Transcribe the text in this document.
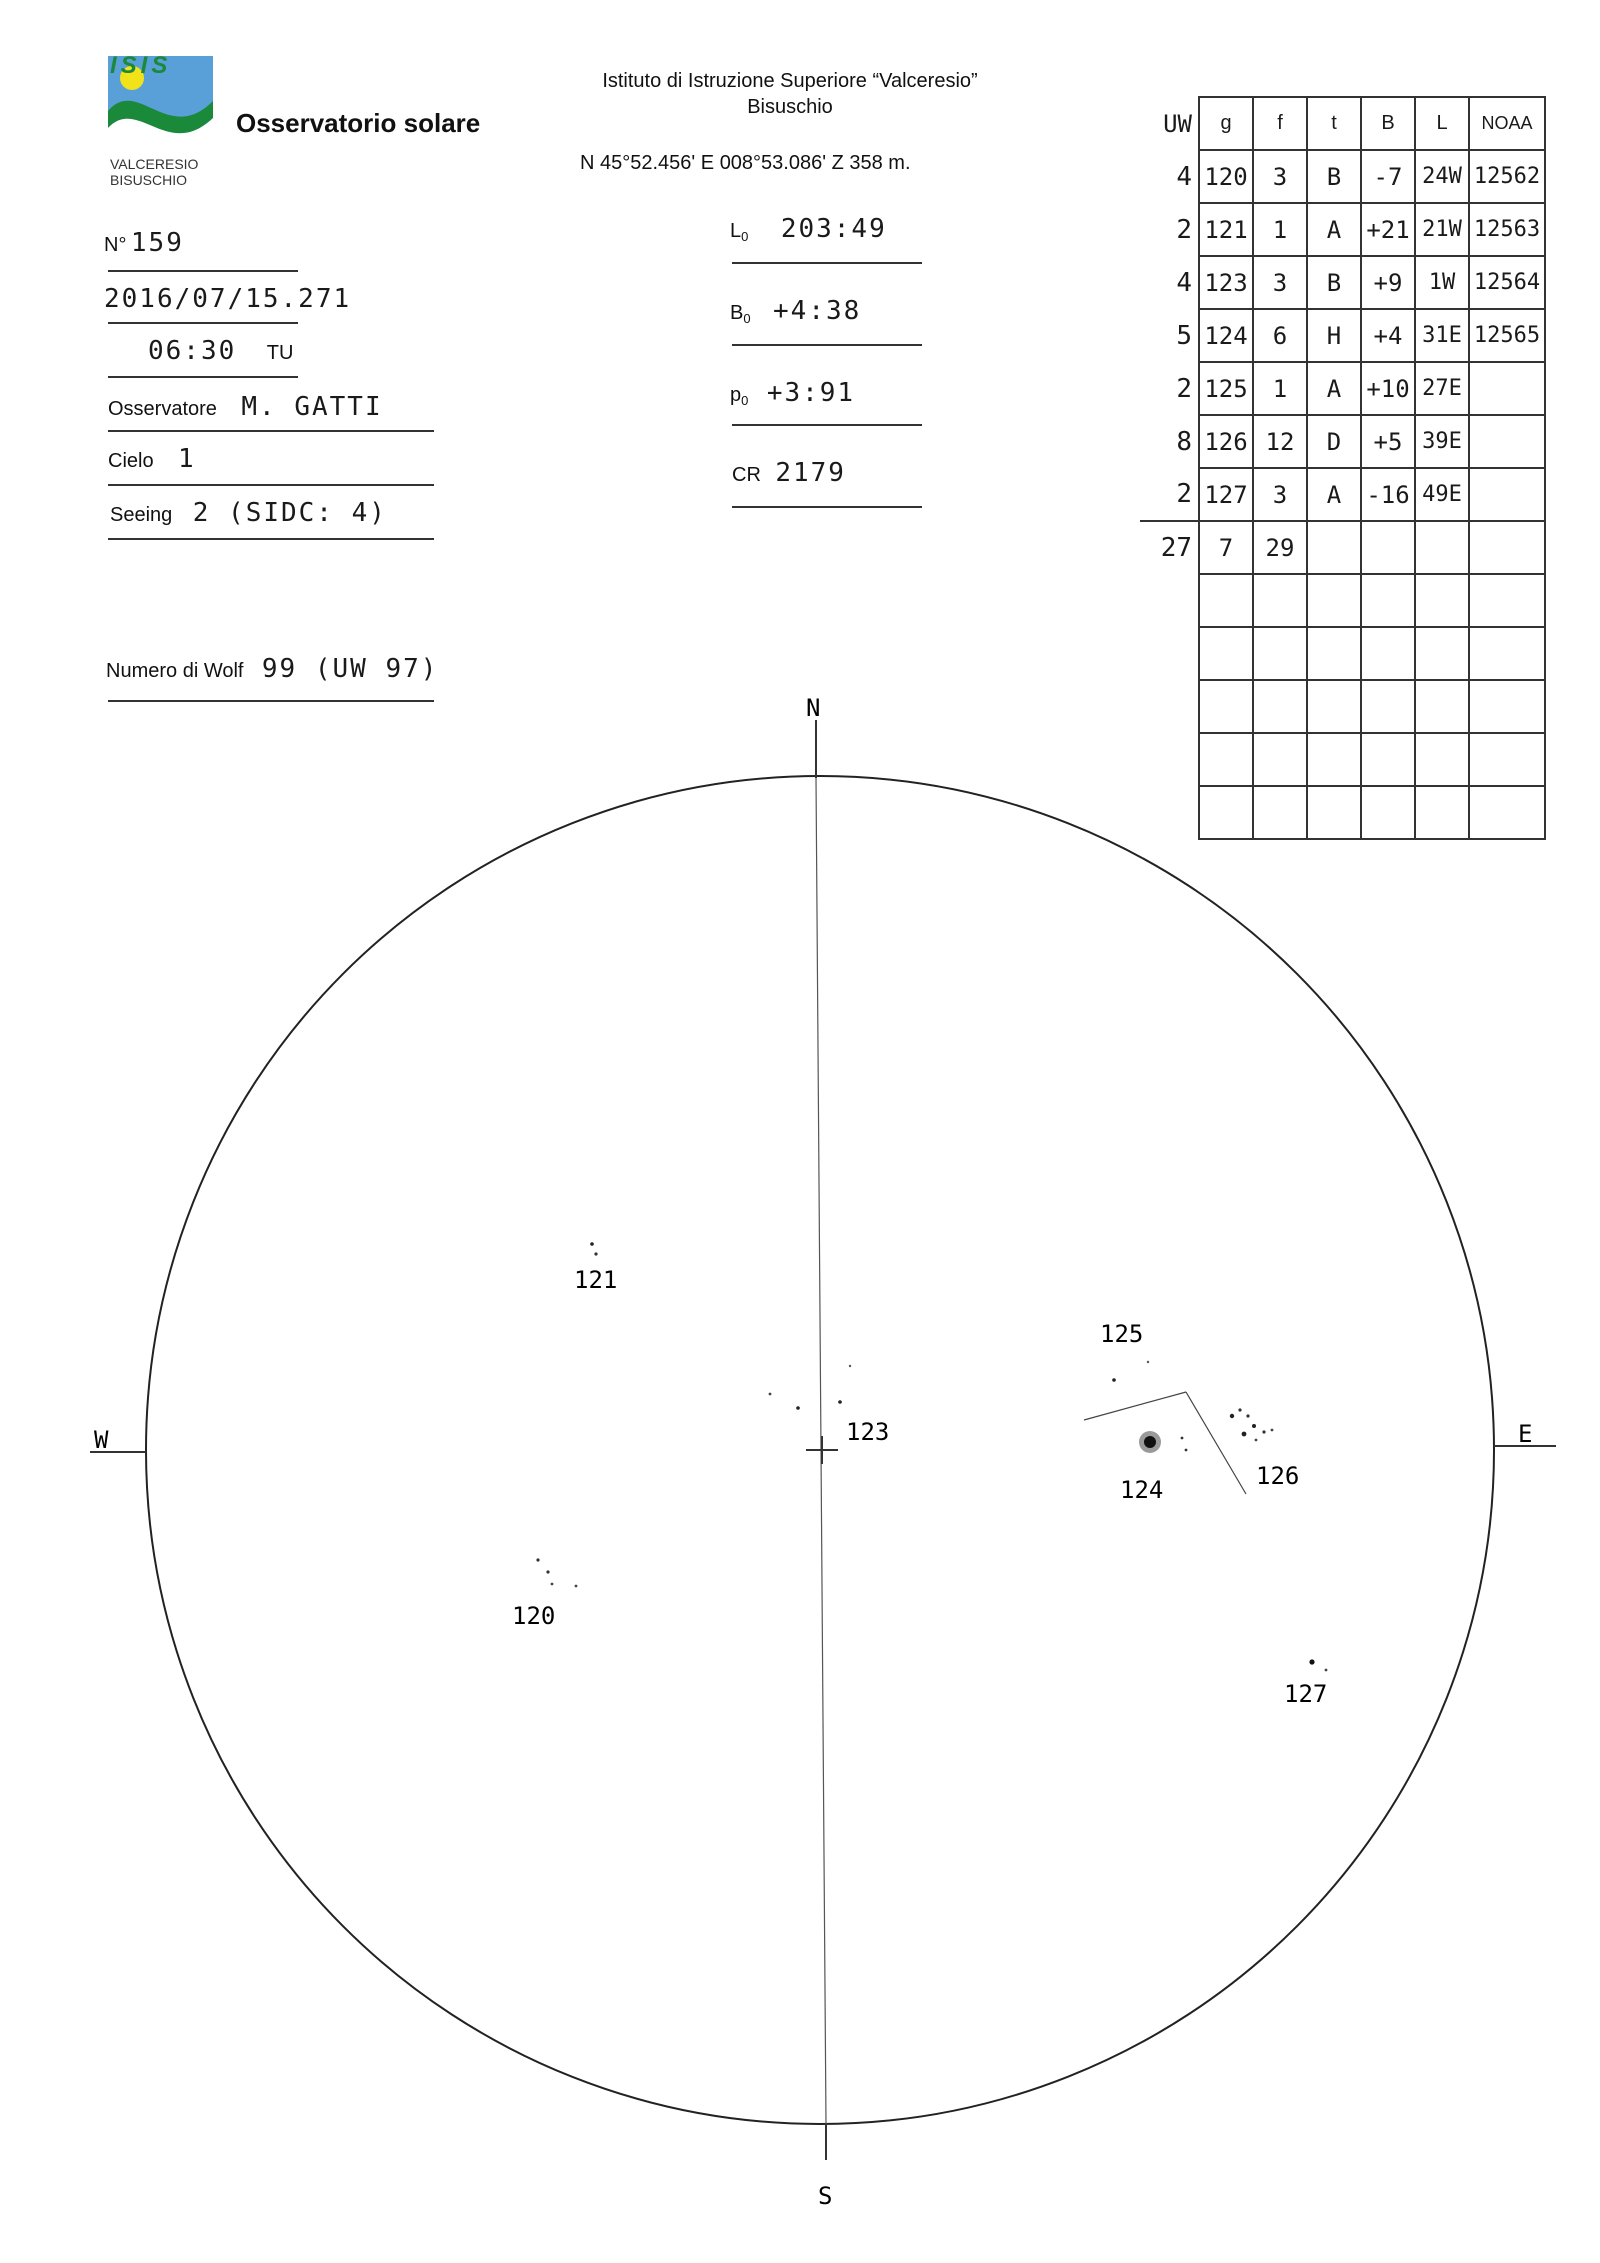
ISIS
VALCERESIO
BISUSCHIO
Osservatorio solare
Istituto di Istruzione Superiore “Valceresio”
Bisuschio
N 45°52.456' E 008°53.086' Z 358 m.
N° 159
2016/07/15.271
06:30 TU
Osservatore M. GATTI
Cielo 1
Seeing 2 (SIDC: 4)
Numero di Wolf 99 (UW 97)
$L_0$ 203:49
$B_0$ +4:38
$p_0$ +3:91
CR 2179
UW	g	f	t	B	L	NOAA
4	120	3	B	-7	24W	12562
2	121	1	A	+21	21W	12563
4	123	3	B	+9	1W	12564
5	124	6	H	+4	31E	12565
2	125	1	A	+10	27E	
8	126	12	D	+5	39E	
2	127	3	A	-16	49E	
27	7	29				

N
S
W	E
121
123
120
125
124	126
127
